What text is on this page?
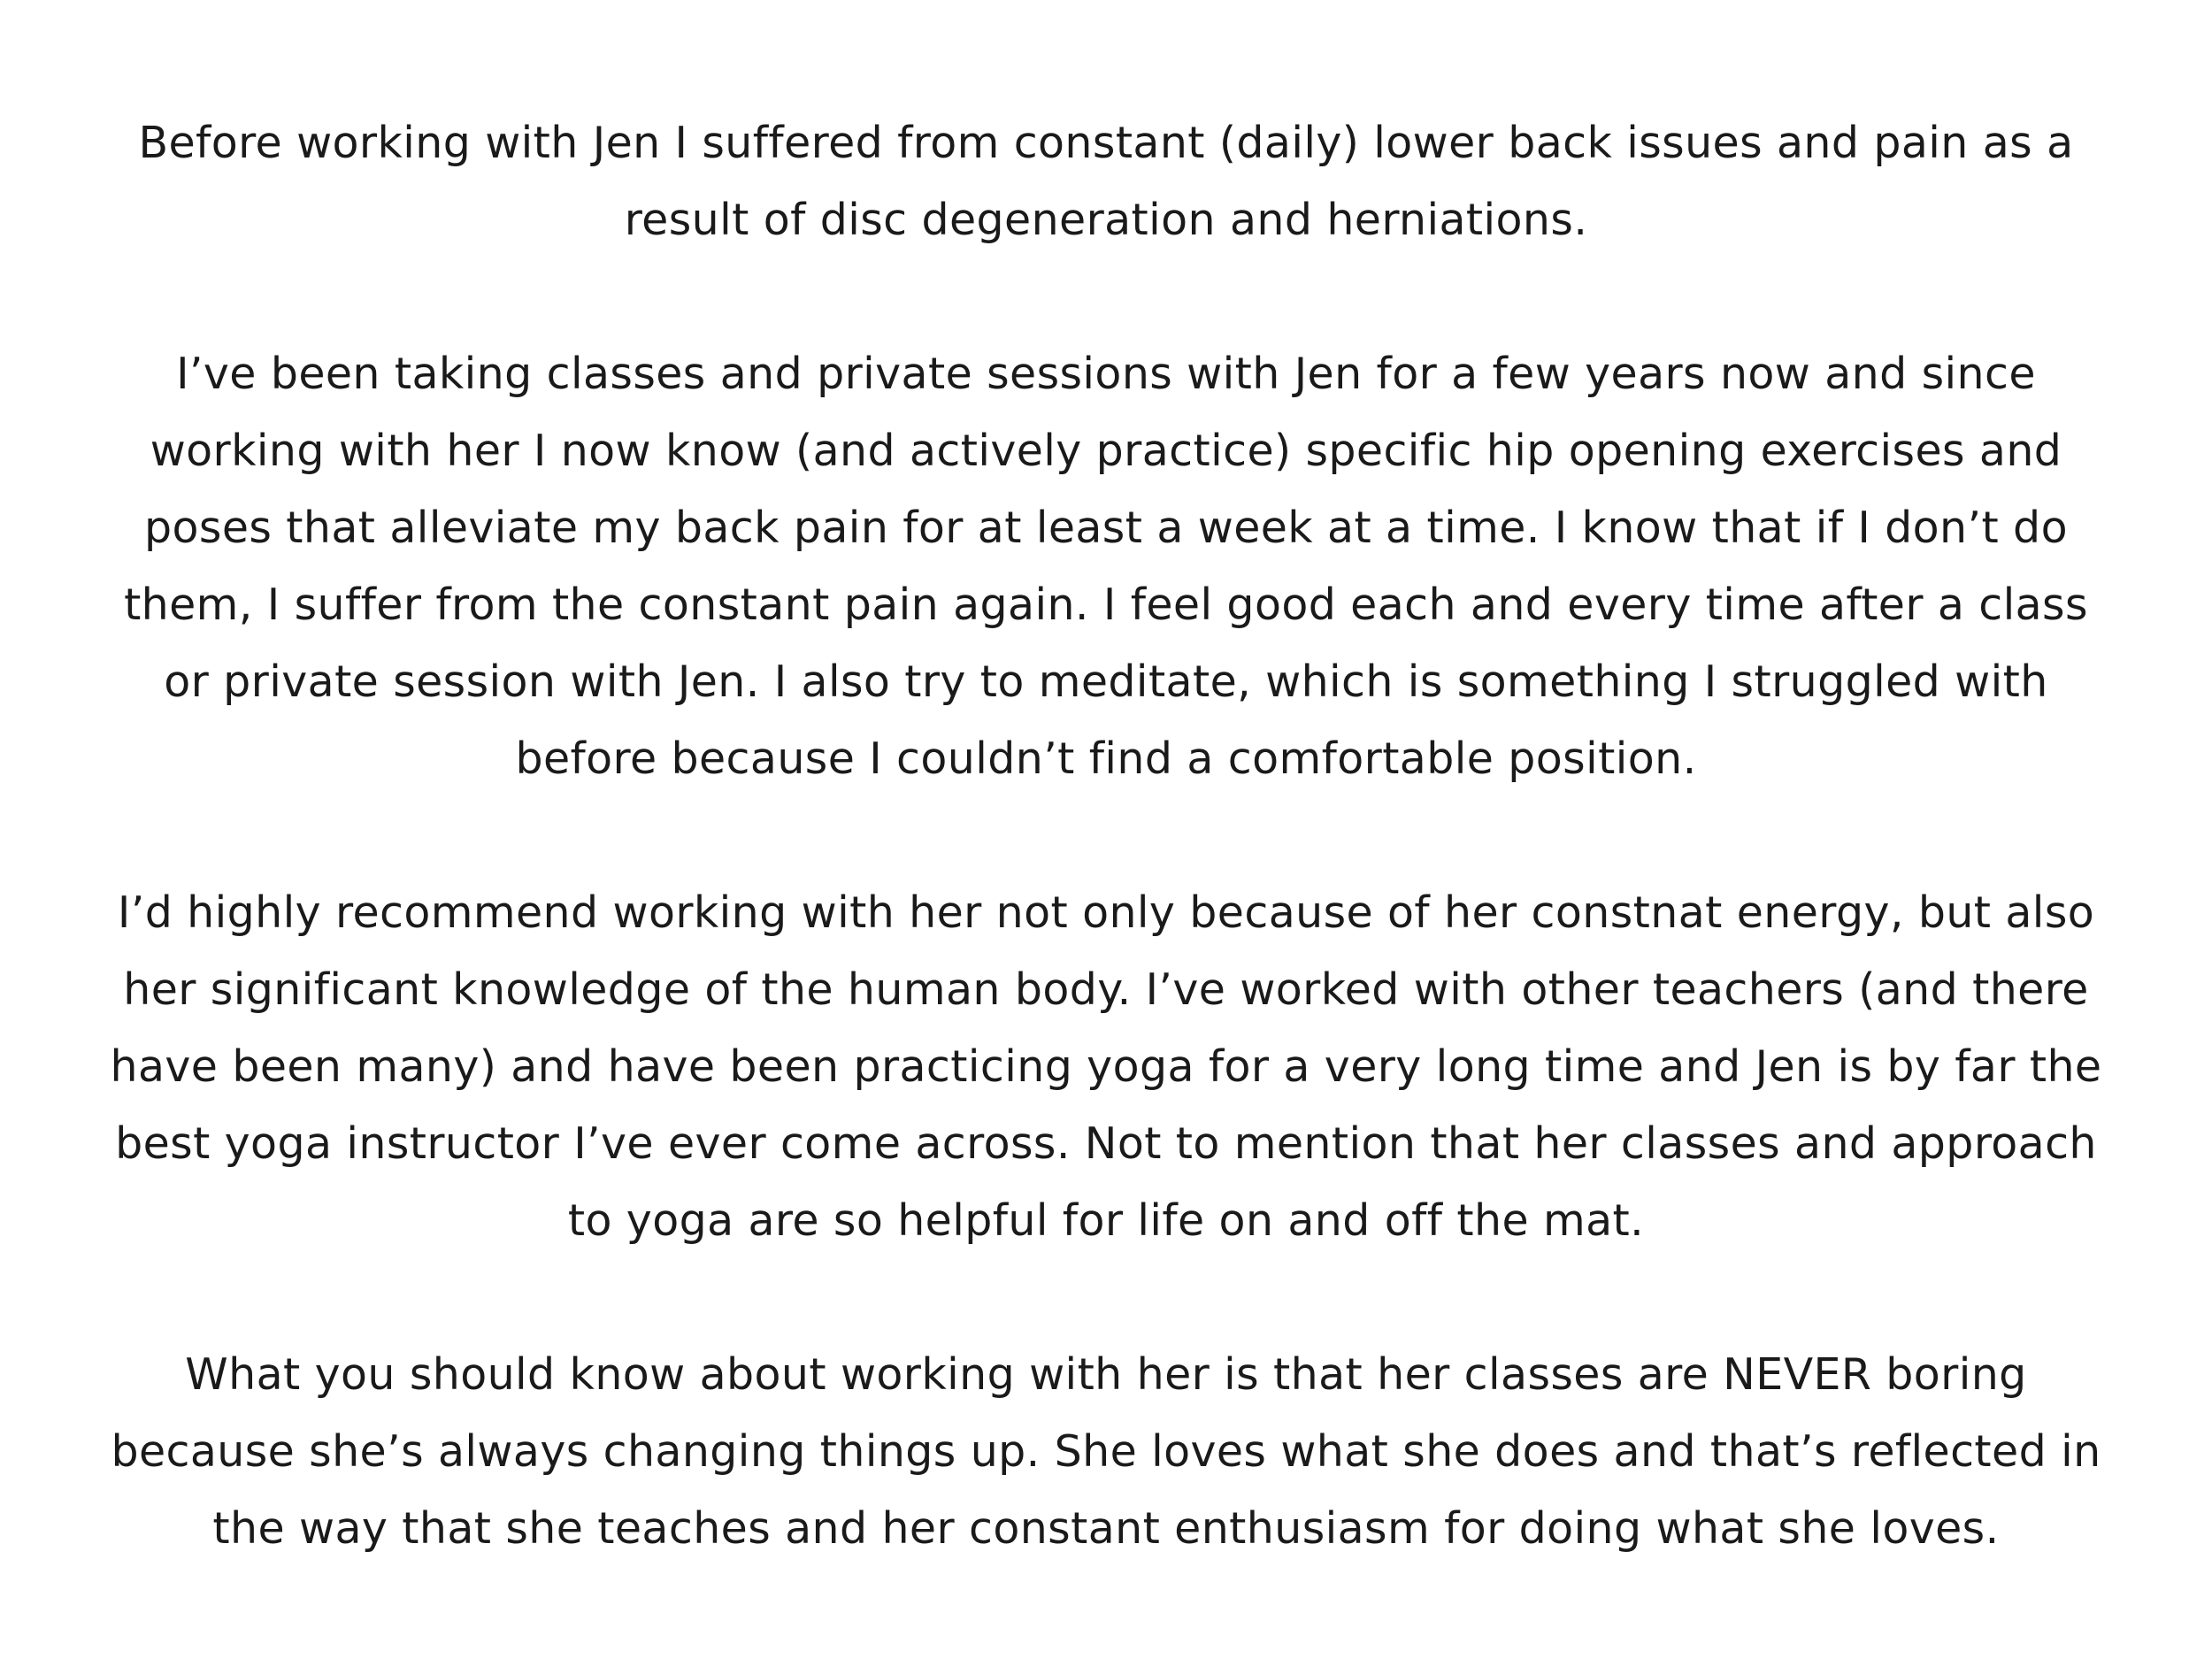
Before working with Jen I suffered from constant (daily) lower back issues and pain as a result of disc degeneration and herniations.

I’ve been taking classes and private sessions with Jen for a few years now and since working with her I now know (and actively practice) specific hip opening exercises and poses that alleviate my back pain for at least a week at a time. I know that if I don’t do them, I suffer from the constant pain again. I feel good each and every time after a class or private session with Jen. I also try to meditate, which is something I struggled with before because I couldn’t find a comfortable position.

I’d highly recommend working with her not only because of her constnat energy, but also her significant knowledge of the human body. I’ve worked with other teachers (and there have been many) and have been practicing yoga for a very long time and Jen is by far the best yoga instructor I’ve ever come across. Not to mention that her classes and approach to yoga are so helpful for life on and off the mat.

What you should know about working with her is that her classes are NEVER boring because she’s always changing things up. She loves what she does and that’s reflected in the way that she teaches and her constant enthusiasm for doing what she loves.
